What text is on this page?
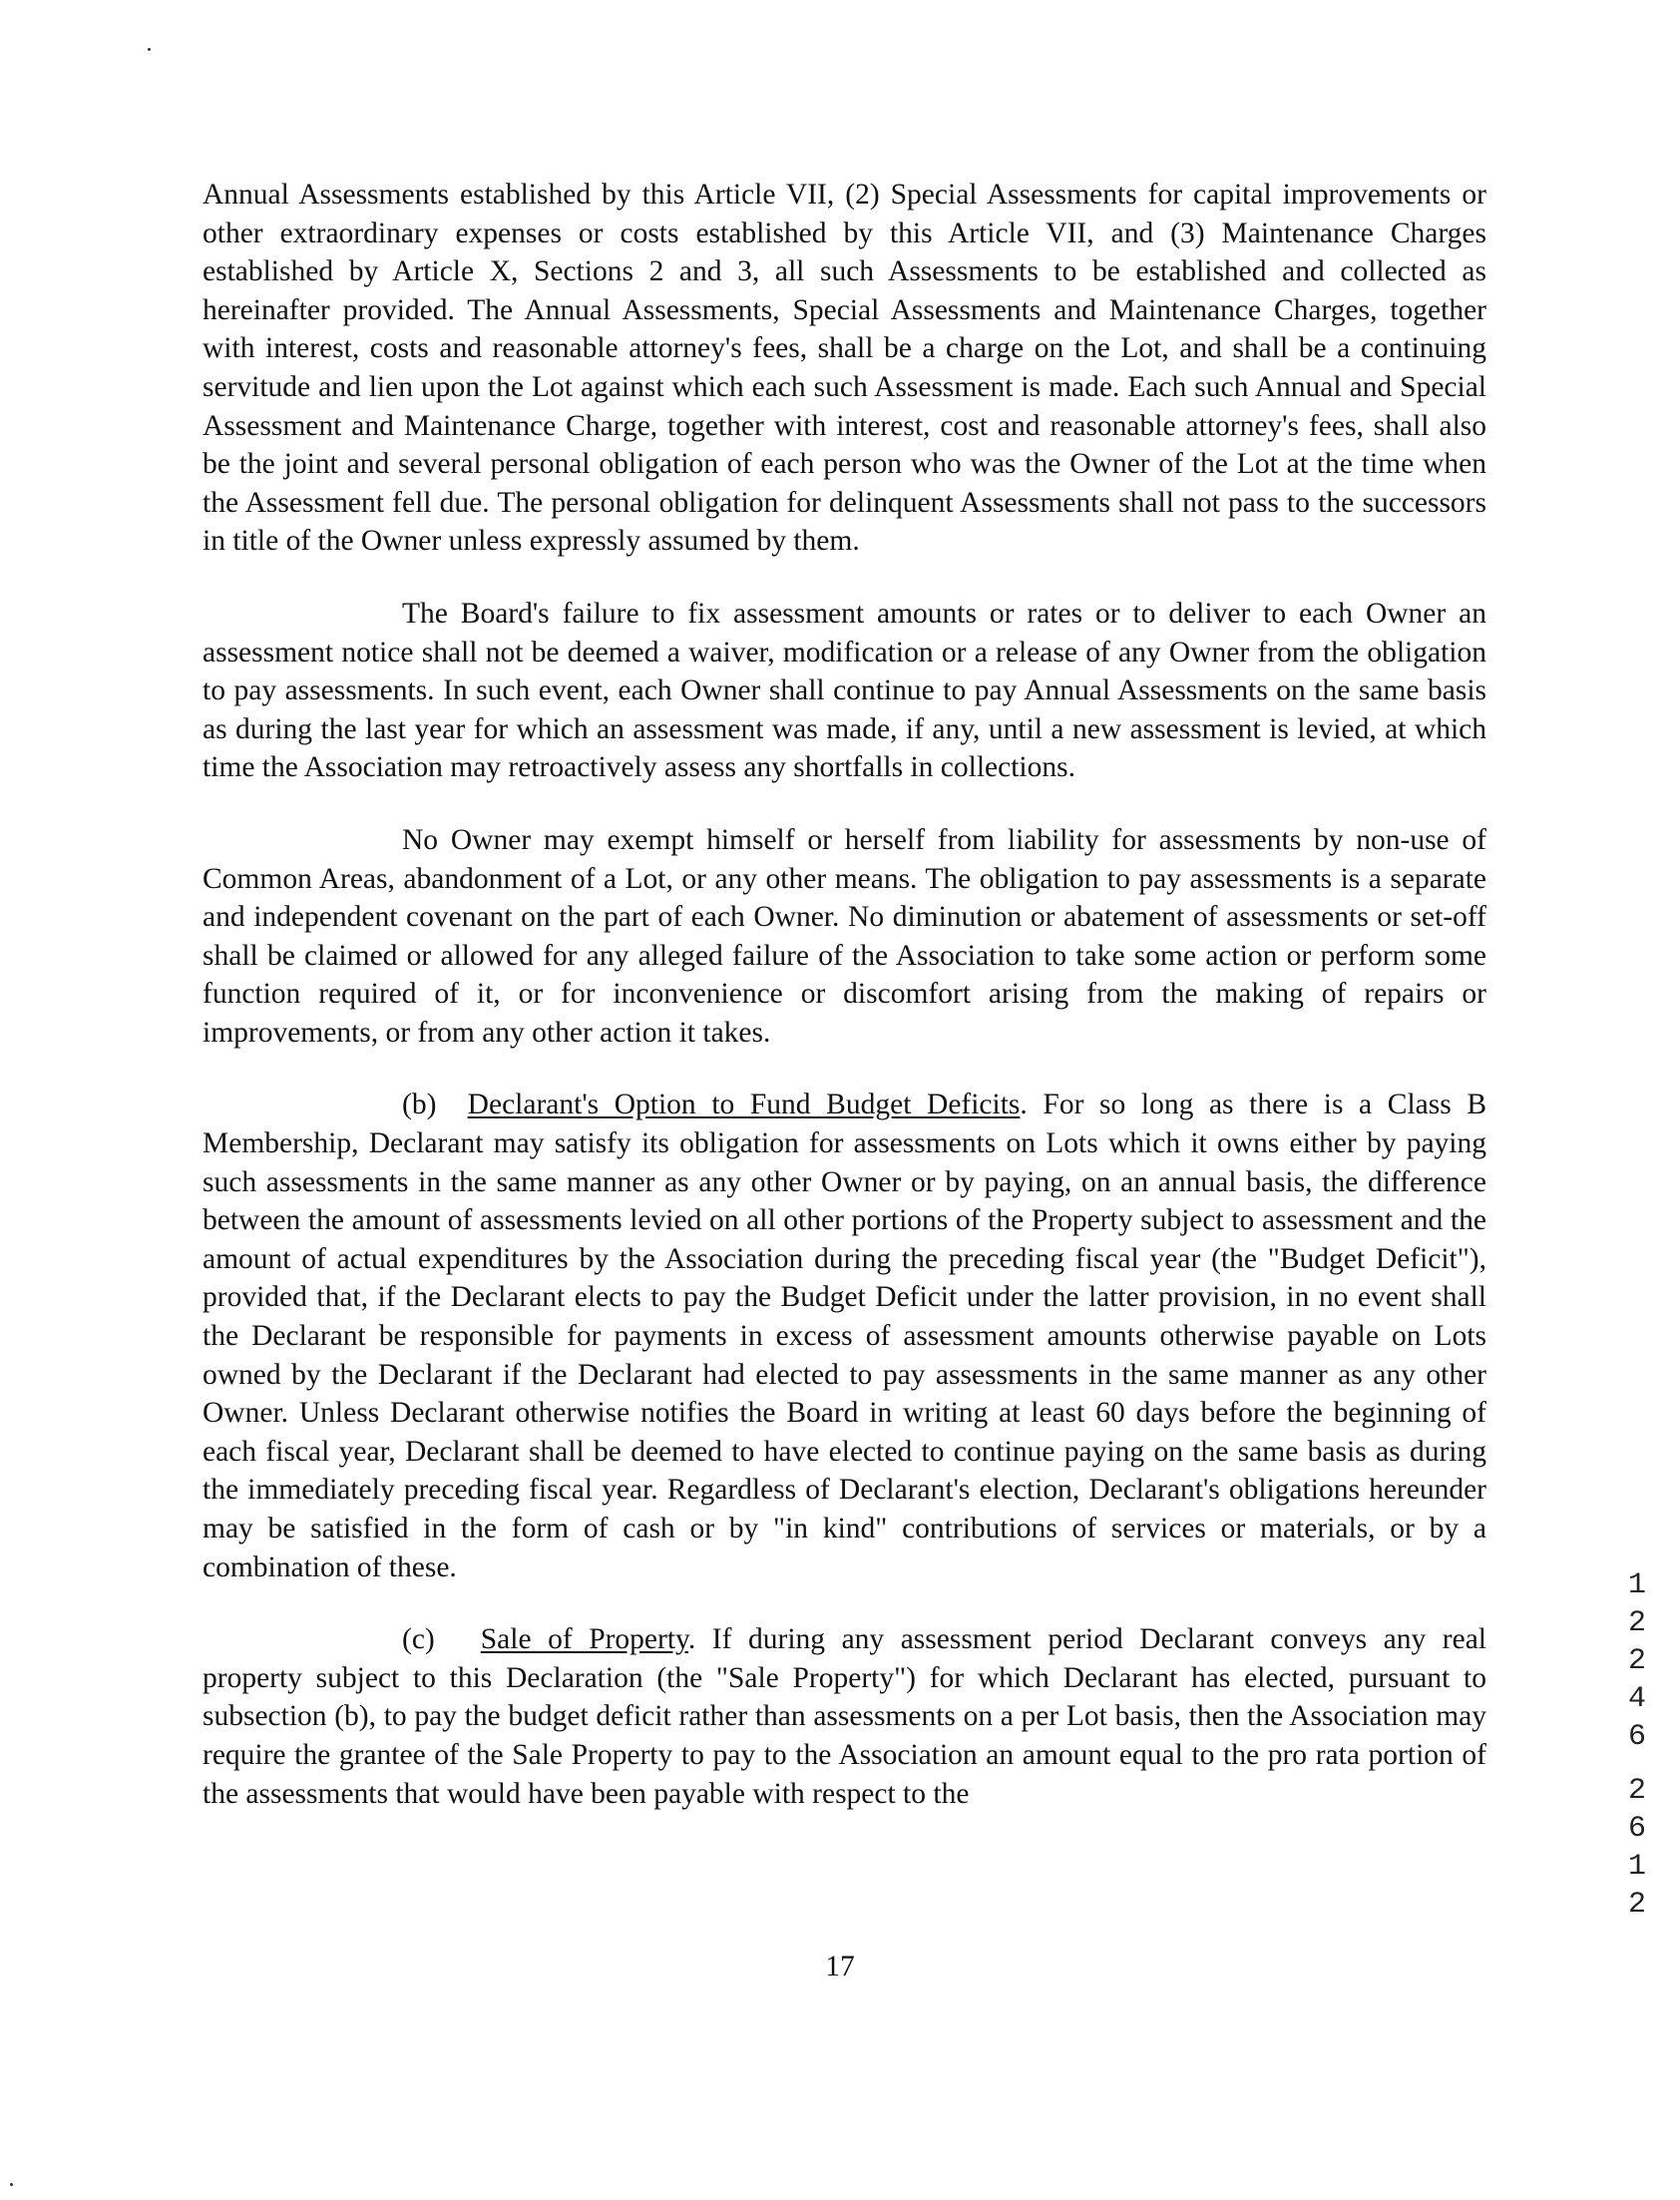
Annual Assessments established by this Article VII, (2) Special Assessments for capital improvements or other extraordinary expenses or costs established by this Article VII, and (3) Maintenance Charges established by Article X, Sections 2 and 3, all such Assessments to be established and collected as hereinafter provided. The Annual Assessments, Special Assessments and Maintenance Charges, together with interest, costs and reasonable attorney's fees, shall be a charge on the Lot, and shall be a continuing servitude and lien upon the Lot against which each such Assessment is made. Each such Annual and Special Assessment and Maintenance Charge, together with interest, cost and reasonable attorney's fees, shall also be the joint and several personal obligation of each person who was the Owner of the Lot at the time when the Assessment fell due. The personal obligation for delinquent Assessments shall not pass to the successors in title of the Owner unless expressly assumed by them.

The Board's failure to fix assessment amounts or rates or to deliver to each Owner an assessment notice shall not be deemed a waiver, modification or a release of any Owner from the obligation to pay assessments. In such event, each Owner shall continue to pay Annual Assessments on the same basis as during the last year for which an assessment was made, if any, until a new assessment is levied, at which time the Association may retroactively assess any shortfalls in collections.

No Owner may exempt himself or herself from liability for assessments by non-use of Common Areas, abandonment of a Lot, or any other means. The obligation to pay assessments is a separate and independent covenant on the part of each Owner. No diminution or abatement of assessments or set-off shall be claimed or allowed for any alleged failure of the Association to take some action or perform some function required of it, or for inconvenience or discomfort arising from the making of repairs or improvements, or from any other action it takes.

(b) Declarant's Option to Fund Budget Deficits. For so long as there is a Class B Membership, Declarant may satisfy its obligation for assessments on Lots which it owns either by paying such assessments in the same manner as any other Owner or by paying, on an annual basis, the difference between the amount of assessments levied on all other portions of the Property subject to assessment and the amount of actual expenditures by the Association during the preceding fiscal year (the "Budget Deficit"), provided that, if the Declarant elects to pay the Budget Deficit under the latter provision, in no event shall the Declarant be responsible for payments in excess of assessment amounts otherwise payable on Lots owned by the Declarant if the Declarant had elected to pay assessments in the same manner as any other Owner. Unless Declarant otherwise notifies the Board in writing at least 60 days before the beginning of each fiscal year, Declarant shall be deemed to have elected to continue paying on the same basis as during the immediately preceding fiscal year. Regardless of Declarant's election, Declarant's obligations hereunder may be satisfied in the form of cash or by "in kind" contributions of services or materials, or by a combination of these.

(c) Sale of Property. If during any assessment period Declarant conveys any real property subject to this Declaration (the "Sale Property") for which Declarant has elected, pursuant to subsection (b), to pay the budget deficit rather than assessments on a per Lot basis, then the Association may require the grantee of the Sale Property to pay to the Association an amount equal to the pro rata portion of the assessments that would have been payable with respect to the

17
1
2
2
4
6
2
6
1
2
